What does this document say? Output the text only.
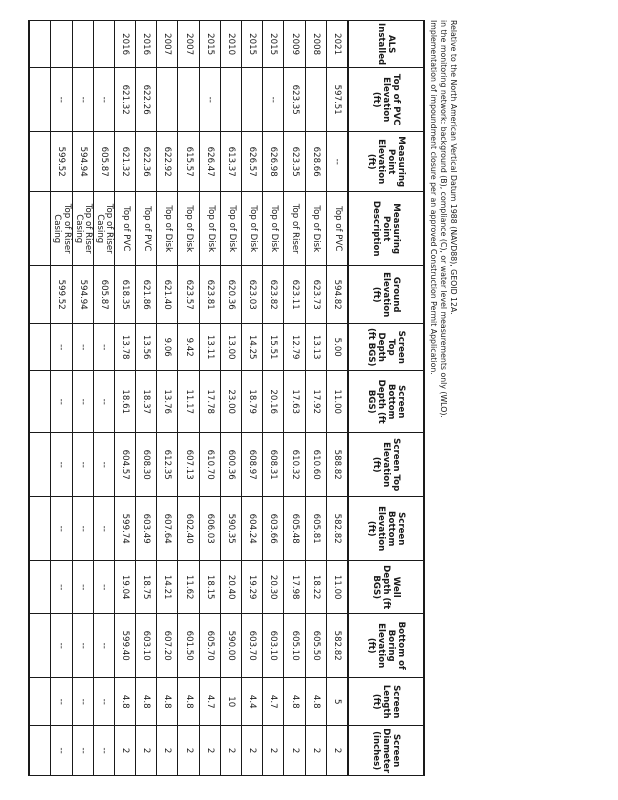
ALS Installed	Top of PVC Elevation (ft)	Measuring Point Elevation (ft)	Measuring Point Description	Ground Elevation (ft)	Screen Top Depth (ft BGS)	Screen Bottom Depth (ft BGS)	Screen Top Elevation (ft)	Screen Bottom Elevation (ft)	Well Depth (ft BGS)	Bottom of Boring Elevation (ft)	Screen Length (ft)	Screen Diameter (inches)
2021	597.51	--	Top of PVC	594.82	5.00	11.00	588.82	582.82	11.00	582.82	5	2
2008		628.66	Top of Disk	623.73	13.13	17.92	610.60	605.81	18.22	605.50	4.8	2
2009	623.35	623.35	Top of Riser	623.11	12.79	17.63	610.32	605.48	17.98	605.10	4.8	2
2015	--	626.98	Top of Disk	623.82	15.51	20.16	608.31	603.66	20.30	603.10	4.7	2
2015		626.57	Top of Disk	623.03	14.25	18.79	608.97	604.24	19.29	603.70	4.4	2
2010		613.37	Top of Disk	620.36	13.00	23.00	600.36	590.35	20.40	590.00	10	2
2015	--	626.47	Top of Disk	623.81	13.11	17.78	610.70	606.03	18.15	605.70	4.7	2
2007		615.57	Top of Disk	623.57	9.42	11.17	607.13	602.40	11.62	601.50	4.8	2
2007		622.92	Top of Disk	621.40	9.06	13.76	612.35	607.64	14.21	607.20	4.8	2
2016	622.26	622.36	Top of PVC	621.86	13.56	18.37	608.30	603.49	18.75	603.10	4.8	2
2016	621.32	621.32	Top of PVC	618.35	13.78	18.61	604.57	599.74	19.04	599.40	4.8	2
	--	605.87	Top of Riser Casing	605.87	--	--	--	--	--	--	--	--
	--	594.94	Top of Riser Casing	594.94	--	--	--	--	--	--	--	--
	--	599.52	Top of Riser Casing	599.52	--	--	--	--	--	--	--	--

Relative to the North American Vertical Datum 1988 (NAVD88), GEOID 12A.
in the monitoring network: background (B), compliance (C), or water level measurements only (WLO).
Implementation of impoundment closure per an approved Construction Permit Application.
